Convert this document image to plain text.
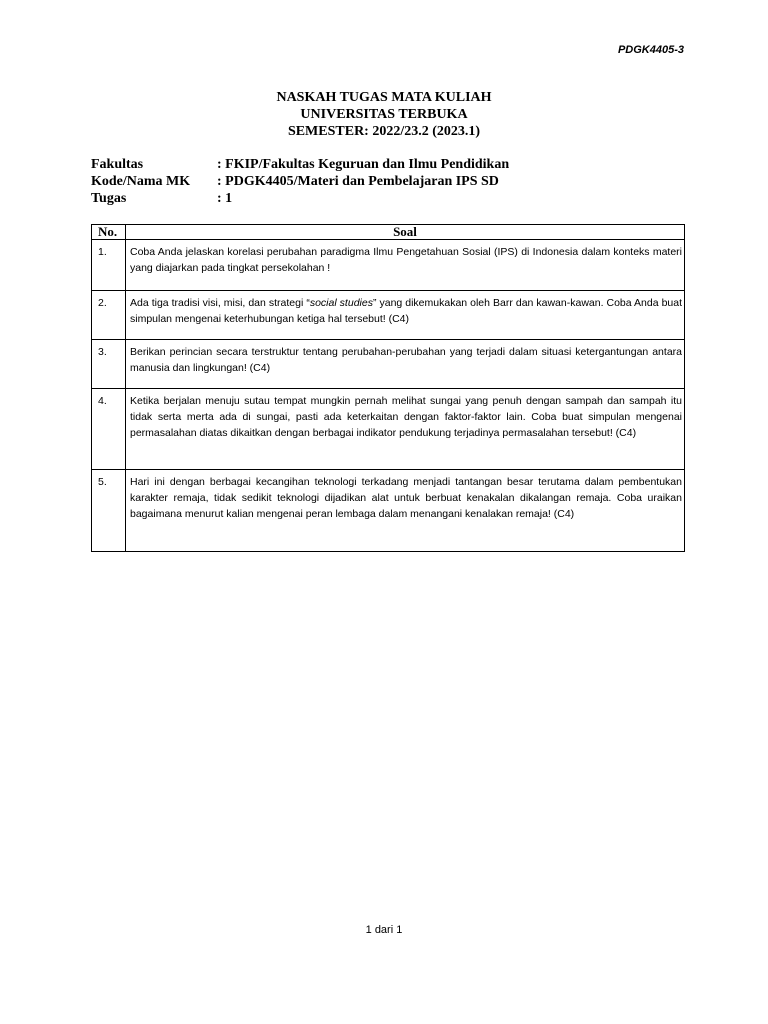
PDGK4405-3
NASKAH TUGAS MATA KULIAH
UNIVERSITAS TERBUKA
SEMESTER: 2022/23.2 (2023.1)
Fakultas	: FKIP/Fakultas Keguruan dan Ilmu Pendidikan
Kode/Nama MK	: PDGK4405/Materi dan Pembelajaran IPS SD
Tugas	: 1
No.	Soal
1.	Coba Anda jelaskan korelasi perubahan paradigma Ilmu Pengetahuan Sosial (IPS) di Indonesia dalam konteks materi yang diajarkan pada tingkat persekolahan !
2.	Ada tiga tradisi visi, misi, dan strategi “social studies” yang dikemukakan oleh Barr dan kawan-kawan. Coba Anda buat simpulan mengenai keterhubungan ketiga hal tersebut! (C4)
3.	Berikan perincian secara terstruktur tentang perubahan-perubahan yang terjadi dalam situasi ketergantungan antara manusia dan lingkungan! (C4)
4.	Ketika berjalan menuju sutau tempat mungkin pernah melihat sungai yang penuh dengan sampah dan sampah itu tidak serta merta ada di sungai, pasti ada keterkaitan dengan faktor-faktor lain. Coba buat simpulan mengenai permasalahan diatas dikaitkan dengan berbagai indikator pendukung terjadinya permasalahan tersebut! (C4)
5.	Hari ini dengan berbagai kecangihan teknologi terkadang menjadi tantangan besar terutama dalam pembentukan karakter remaja, tidak sedikit teknologi dijadikan alat untuk berbuat kenakalan dikalangan remaja. Coba uraikan bagaimana menurut kalian mengenai peran lembaga dalam menangani kenalakan remaja! (C4)
1 dari 1
